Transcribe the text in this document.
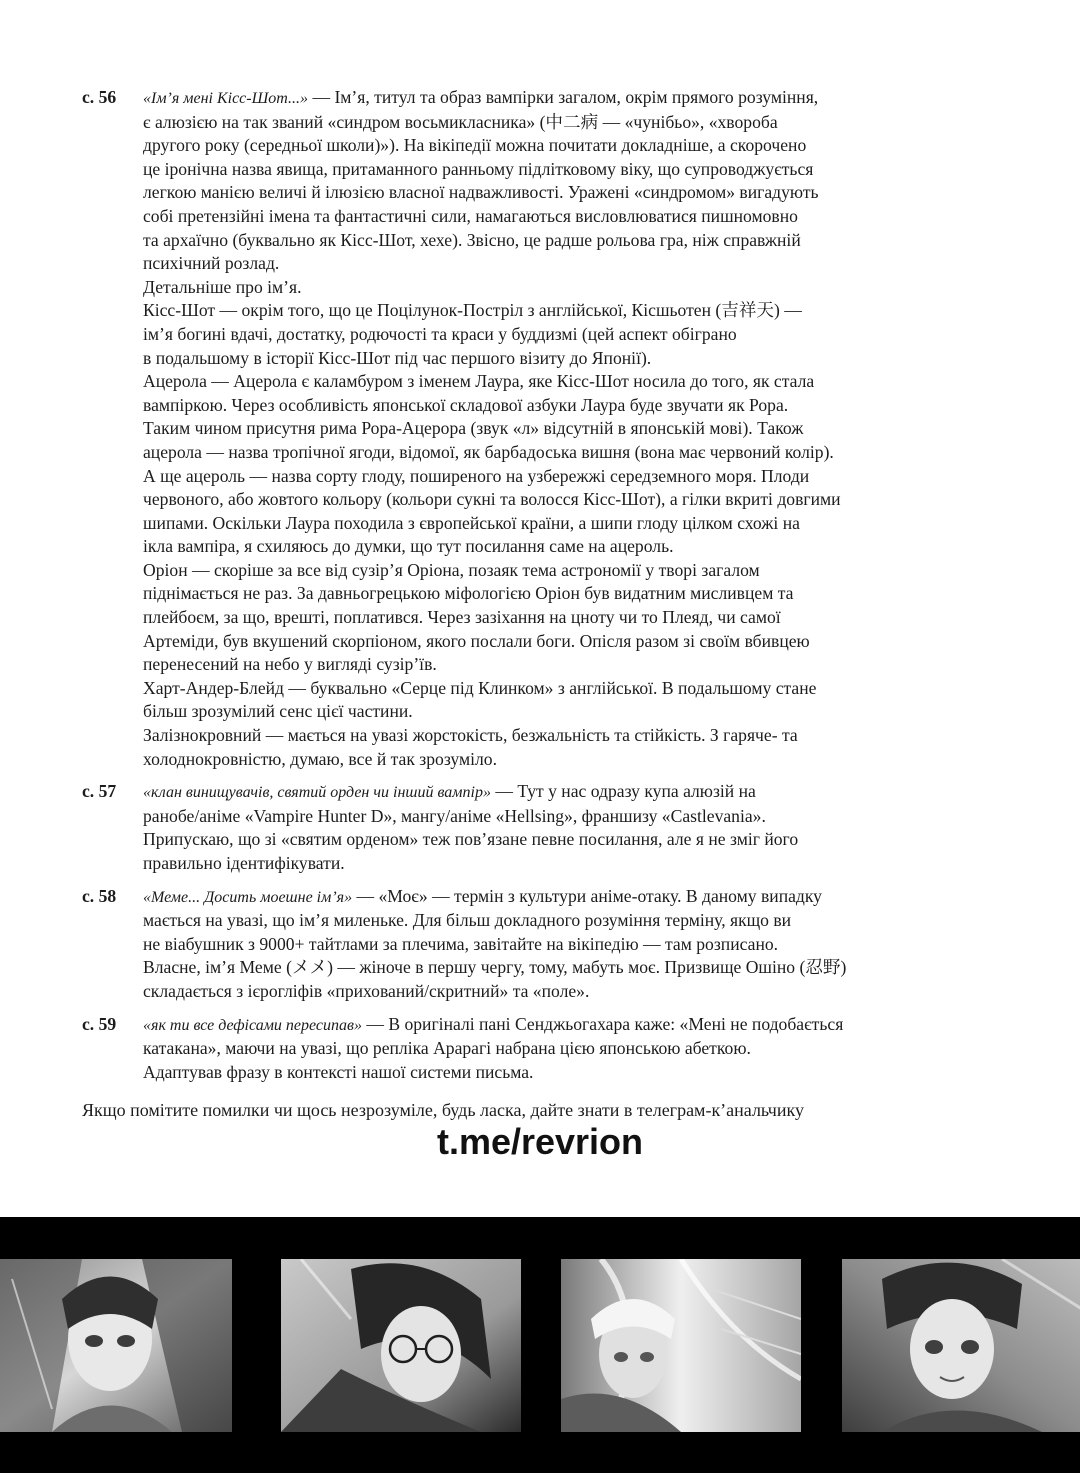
с. 56	«Ім’я мені Кісс-Шот...» — Ім’я, титул та образ вампірки загалом, окрім прямого розуміння,
є алюзією на так званий «синдром восьмикласника» (中二病 — «чунібьо», «хвороба
другого року (середньої школи)»). На вікіпедії можна почитати докладніше, а скорочено
це іронічна назва явища, притаманного ранньому підлітковому віку, що супроводжується
легкою манією величі й ілюзією власної надважливості. Уражені «синдромом» вигадують
собі претензійні імена та фантастичні сили, намагаються висловлюватися пишномовно
та архаїчно (буквально як Кісс-Шот, хехе). Звісно, це радше рольова гра, ніж справжній
психічний розлад.
Детальніше про ім’я.
Кісс-Шот — окрім того, що це Поцілунок-Постріл з англійської, Кісшьотен (吉祥天) —
ім’я богині вдачі, достатку, родючості та краси у буддизмі (цей аспект обіграно
в подальшому в історії Кісс-Шот під час першого візиту до Японії).
Ацерола — Ацерола є каламбуром з іменем Лаура, яке Кісс-Шот носила до того, як стала
вампіркою. Через особливість японської складової азбуки Лаура буде звучати як Рора.
Таким чином присутня рима Рора-Ацерора (звук «л» відсутній в японській мові). Також
ацерола — назва тропічної ягоди, відомої, як барбадоська вишня (вона має червоний колір).
А ще ацероль — назва сорту глоду, поширеного на узбережжі середземного моря. Плоди
червоного, або жовтого кольору (кольори сукні та волосся Кісс-Шот), а гілки вкриті довгими
шипами. Оскільки Лаура походила з європейської країни, а шипи глоду цілком схожі на
ікла вампіра, я схиляюсь до думки, що тут посилання саме на ацероль.
Оріон — скоріше за все від сузір’я Оріона, позаяк тема астрономії у творі загалом
піднімається не раз. За давньогрецькою міфологією Оріон був видатним мисливцем та
плейбоєм, за що, врешті, поплатився. Через зазіхання на цноту чи то Плеяд, чи самої
Артеміди, був вкушений скорпіоном, якого послали боги. Опісля разом зі своїм вбивцею
перенесений на небо у вигляді сузір’їв.
Харт-Андер-Блейд — буквально «Серце під Клинком» з англійської. В подальшому стане
більш зрозумілий сенс цієї частини.
Залізнокровний — мається на увазі жорстокість, безжальність та стійкість. З гаряче- та
холоднокровністю, думаю, все й так зрозуміло.
с. 57	«клан винищувачів, святий орден чи інший вампір» — Тут у нас одразу купа алюзій на
ранобе/аніме «Vampire Hunter D», мангу/аніме «Hellsing», франшизу «Castlevania».
Припускаю, що зі «святим орденом» теж пов’язане певне посилання, але я не зміг його
правильно ідентифікувати.
с. 58	«Меме... Досить моешне ім’я» — «Моє» — термін з культури аніме-отаку. В даному випадку
мається на увазі, що ім’я миленьке. Для більш докладного розуміння терміну, якщо ви
не віабушник з 9000+ тайтлами за плечима, завітайте на вікіпедію — там розписано.
Власне, ім’я Меме (メメ) — жіноче в першу чергу, тому, мабуть моє. Призвище Ошіно (忍野)
складається з ієрогліфів «прихований/скритний» та «поле».
с. 59	«як ти все дефісами пересипав» — В оригіналі пані Сенджьогахара каже: «Мені не подобається
катакана», маючи на увазі, що репліка Арарагі набрана цією японською абеткою.
Адаптував фразу в контексті нашої системи письма.
Якщо помітите помилки чи щось незрозуміле, будь ласка, дайте знати в телеграм-к’анальчику
t.me/revrion
